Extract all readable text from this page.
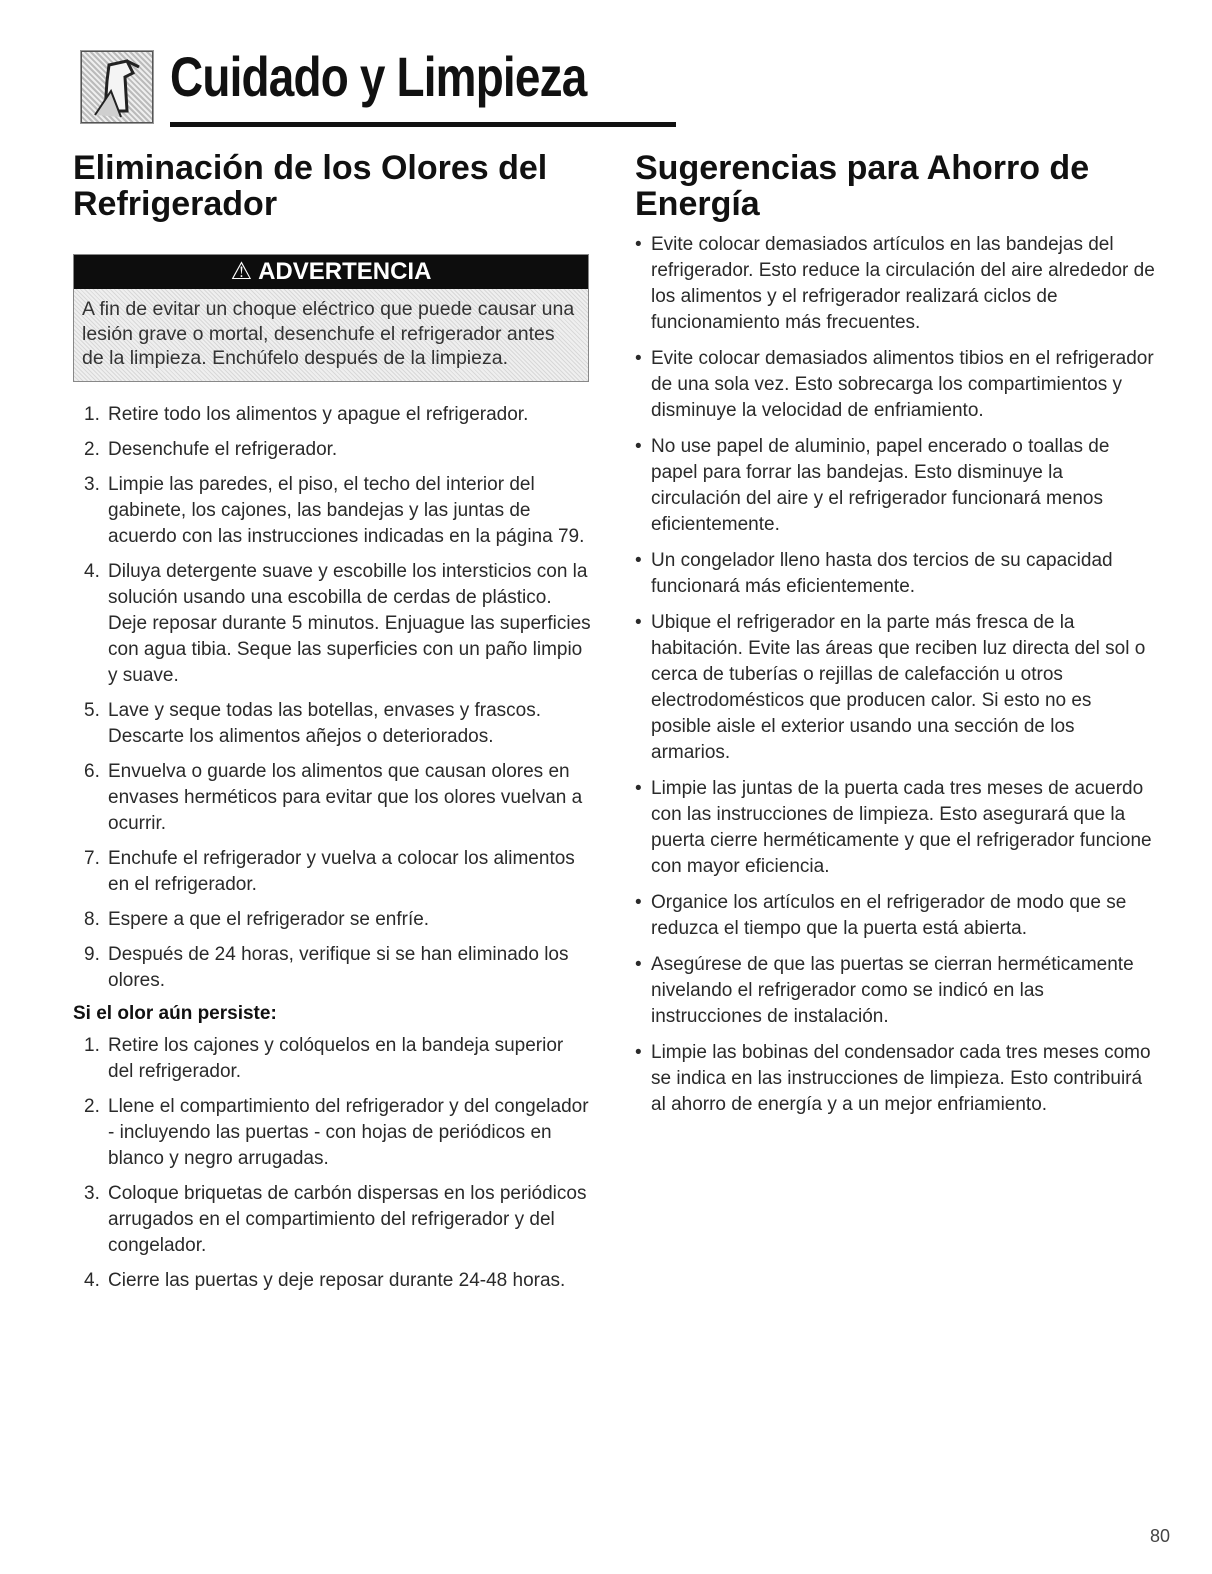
Cuidado y Limpieza
Eliminación de los Olores del Refrigerador
⚠ ADVERTENCIA
A fin de evitar un choque eléctrico que puede causar una lesión grave o mortal, desenchufe el refrigerador antes de la limpieza. Enchúfelo después de la limpieza.
1. Retire todo los alimentos y apague el refrigerador.
2. Desenchufe el refrigerador.
3. Limpie las paredes, el piso, el techo del interior del gabinete, los cajones, las bandejas y las juntas de acuerdo con las instrucciones indicadas en la página 79.
4. Diluya detergente suave y escobille los intersticios con la solución usando una escobilla de cerdas de plástico. Deje reposar durante 5 minutos. Enjuague las superficies con agua tibia. Seque las superficies con un paño limpio y suave.
5. Lave y seque todas las botellas, envases y frascos. Descarte los alimentos añejos o deteriorados.
6. Envuelva o guarde los alimentos que causan olores en envases herméticos para evitar que los olores vuelvan a ocurrir.
7. Enchufe el refrigerador y vuelva a colocar los alimentos en el refrigerador.
8. Espere a que el refrigerador se enfríe.
9. Después de 24 horas, verifique si se han eliminado los olores.
Si el olor aún persiste:
1. Retire los cajones y colóquelos en la bandeja superior del refrigerador.
2. Llene el compartimiento del refrigerador y del congelador - incluyendo las puertas - con hojas de periódicos en blanco y negro arrugadas.
3. Coloque briquetas de carbón dispersas en los periódicos arrugados en el compartimiento del refrigerador y del congelador.
4. Cierre las puertas y deje reposar durante 24-48 horas.
Sugerencias para Ahorro de Energía
• Evite colocar demasiados artículos en las bandejas del refrigerador. Esto reduce la circulación del aire alrededor de los alimentos y el refrigerador realizará ciclos de funcionamiento más frecuentes.
• Evite colocar demasiados alimentos tibios en el refrigerador de una sola vez. Esto sobrecarga los compartimientos y disminuye la velocidad de enfriamiento.
• No use papel de aluminio, papel encerado o toallas de papel para forrar las bandejas. Esto disminuye la circulación del aire y el refrigerador funcionará menos eficientemente.
• Un congelador lleno hasta dos tercios de su capacidad funcionará más eficientemente.
• Ubique el refrigerador en la parte más fresca de la habitación. Evite las áreas que reciben luz directa del sol o cerca de tuberías o rejillas de calefacción u otros electrodomésticos que producen calor. Si esto no es posible aisle el exterior usando una sección de los armarios.
• Limpie las juntas de la puerta cada tres meses de acuerdo con las instrucciones de limpieza. Esto asegurará que la puerta cierre herméticamente y que el refrigerador funcione con mayor eficiencia.
• Organice los artículos en el refrigerador de modo que se reduzca el tiempo que la puerta está abierta.
• Asegúrese de que las puertas se cierran herméticamente nivelando el refrigerador como se indicó en las instrucciones de instalación.
• Limpie las bobinas del condensador cada tres meses como se indica en las instrucciones de limpieza. Esto contribuirá al ahorro de energía y a un mejor enfriamiento.
80
